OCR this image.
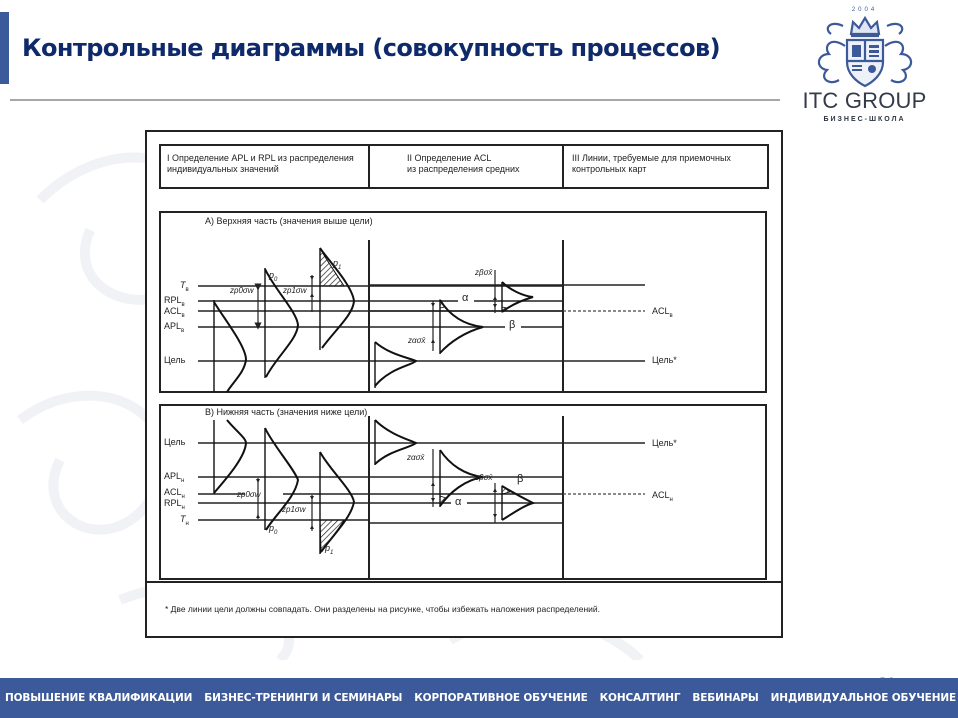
Контрольные диаграммы (совокупность процессов)
2004
ITC GROUP
БИЗНЕС-ШКОЛА
I Определение APL и RPL из распределения
индивидуальных значений
II Определение ACL
из распределения средних
III Линии, требуемые для приемочных
контрольных карт
A) Верхняя часть (значения выше цели)
$T_в$
$RPL_в$
$ACL_в$
$APL_в$
Цель
$p_0$
$p_1$
zp0σw	zp1σw
zασx̄
zβσx̄
α
β
$ACL_в$
Цель*
B) Нижняя часть (значения ниже цели)
Цель
$APL_н$
$ACL_н$
$RPL_н$
$T_н$	$p_0$
$p_1$
zp0σw
zp1σw
zασx̄
zβσx̄
α
β
$ACL_н$
Цель*
* Две линии цели должны совпадать. Они разделены на рисунке, чтобы избежать наложения распределений.
ПОВЫШЕНИЕ КВАЛИФИКАЦИИ	БИЗНЕС-ТРЕНИНГИ И СЕМИНАРЫ	КОРПОРАТИВНОЕ ОБУЧЕНИЕ	КОНСАЛТИНГ	ВЕБИНАРЫ	ИНДИВИДУАЛЬНОЕ ОБУЧЕНИЕ
